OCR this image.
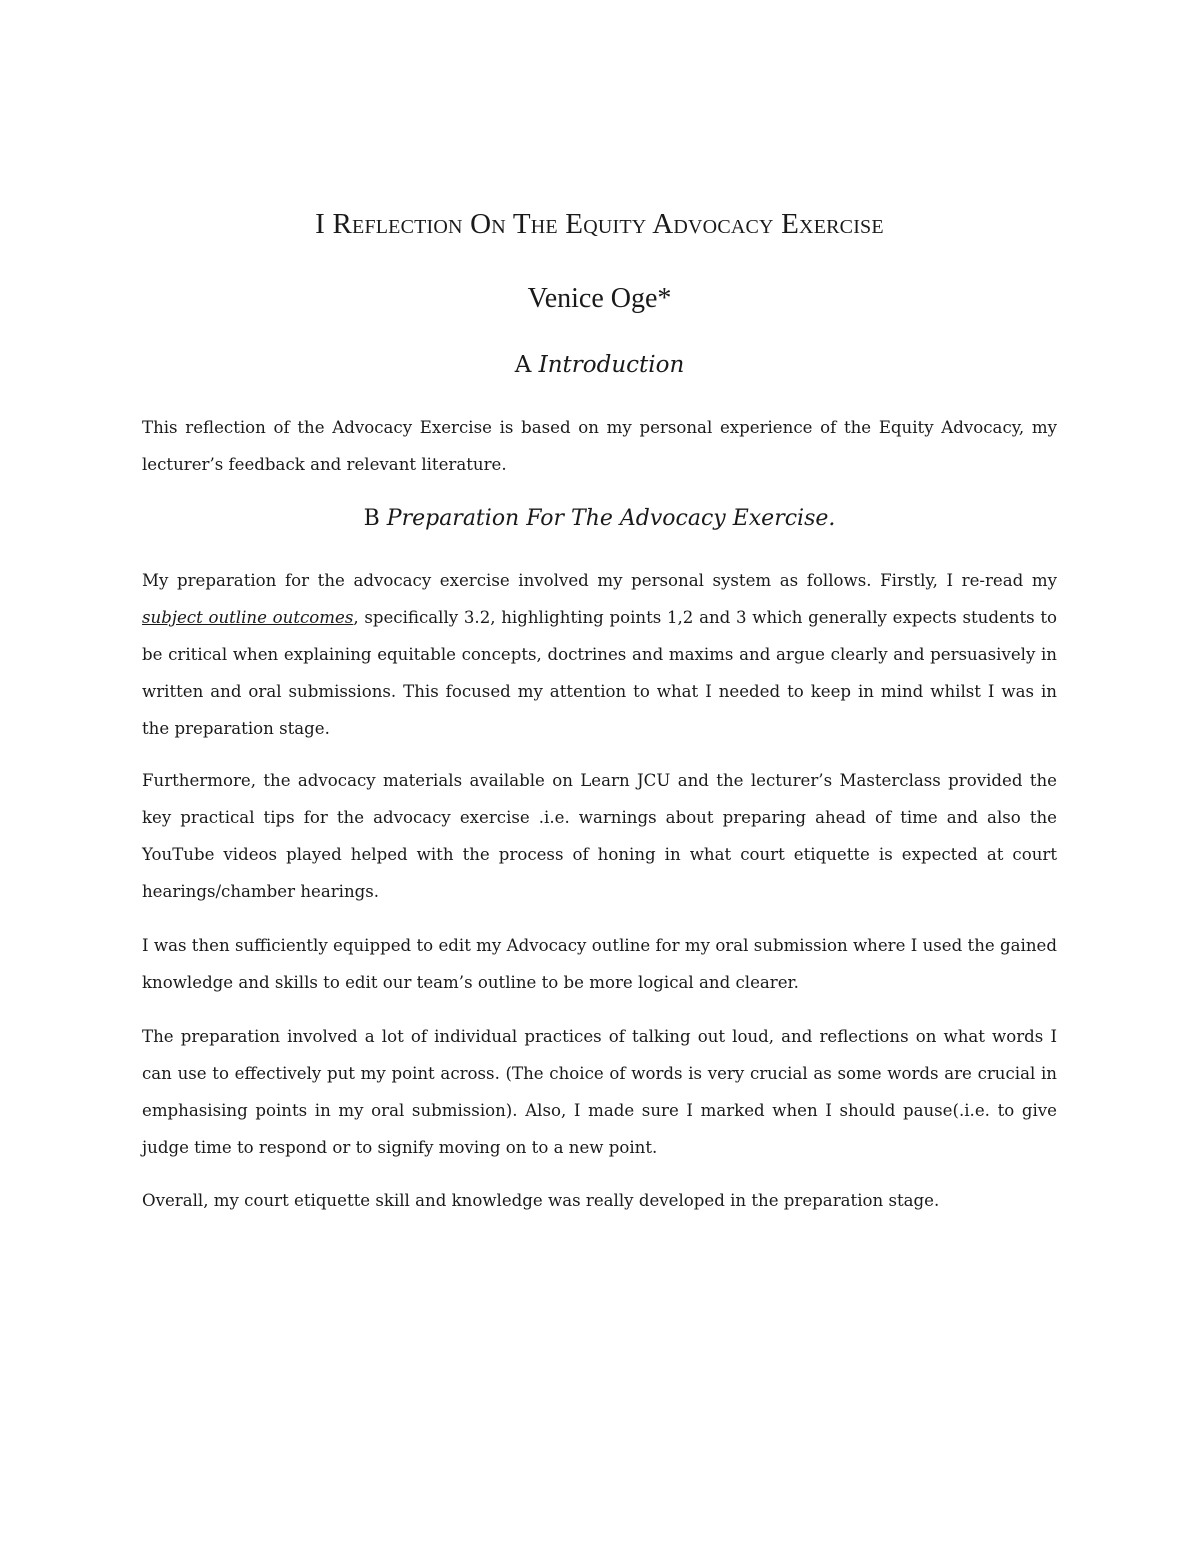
I Reflection On The Equity Advocacy Exercise
Venice Oge*
A Introduction

This reflection of the Advocacy Exercise is based on my personal experience of the Equity Advocacy, my lecturer’s feedback and relevant literature.

B Preparation For The Advocacy Exercise.

My preparation for the advocacy exercise involved my personal system as follows. Firstly, I re-read my subject outline outcomes, specifically 3.2, highlighting points 1,2 and 3 which generally expects students to be critical when explaining equitable concepts, doctrines and maxims and argue clearly and persuasively in written and oral submissions. This focused my attention to what I needed to keep in mind whilst I was in the preparation stage.

Furthermore, the advocacy materials available on Learn JCU and the lecturer’s Masterclass provided the key practical tips for the advocacy exercise .i.e. warnings about preparing ahead of time and also the YouTube videos played helped with the process of honing in what court etiquette is expected at court hearings/chamber hearings.

I was then sufficiently equipped to edit my Advocacy outline for my oral submission where I used the gained knowledge and skills to edit our team’s outline to be more logical and clearer.

The preparation involved a lot of individual practices of talking out loud, and reflections on what words I can use to effectively put my point across. (The choice of words is very crucial as some words are crucial in emphasising points in my oral submission). Also, I made sure I marked when I should pause(.i.e. to give judge time to respond or to signify moving on to a new point.

Overall, my court etiquette skill and knowledge was really developed in the preparation stage.
